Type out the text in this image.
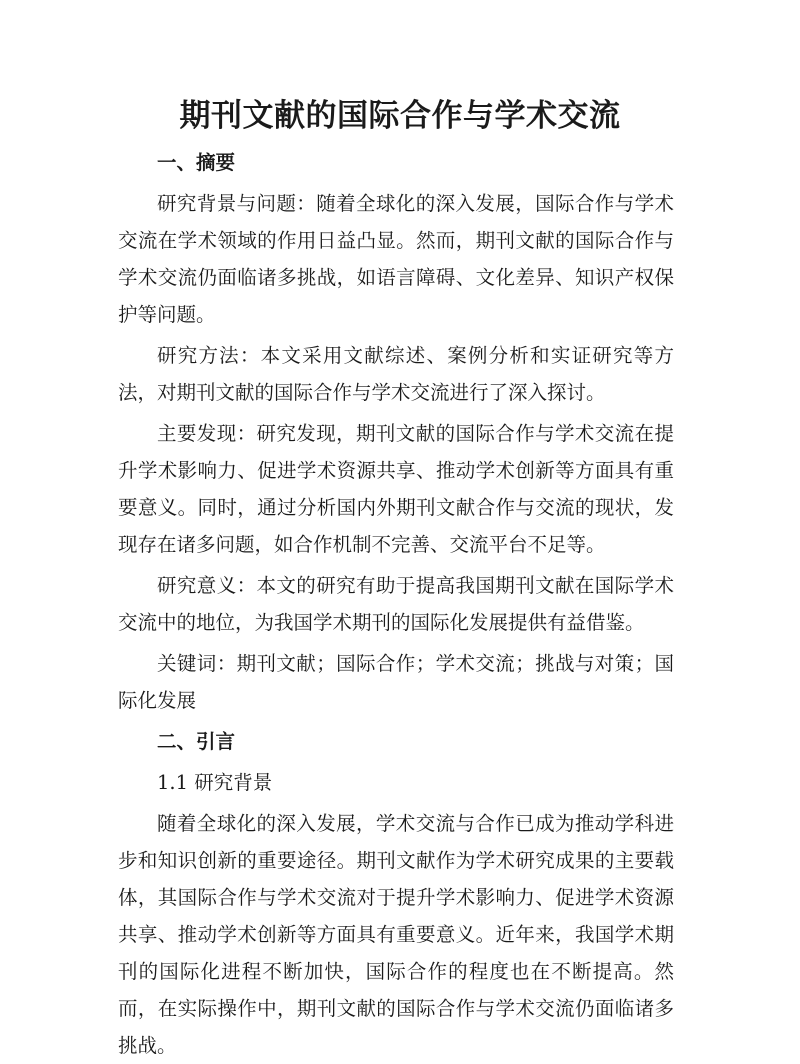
期刊文献的国际合作与学术交流
一、摘要

研究背景与问题：随着全球化的深入发展，国际合作与学术交流在学术领域的作用日益凸显。然而，期刊文献的国际合作与学术交流仍面临诸多挑战，如语言障碍、文化差异、知识产权保护等问题。

研究方法：本文采用文献综述、案例分析和实证研究等方法，对期刊文献的国际合作与学术交流进行了深入探讨。

主要发现：研究发现，期刊文献的国际合作与学术交流在提升学术影响力、促进学术资源共享、推动学术创新等方面具有重要意义。同时，通过分析国内外期刊文献合作与交流的现状，发现存在诸多问题，如合作机制不完善、交流平台不足等。

研究意义：本文的研究有助于提高我国期刊文献在国际学术交流中的地位，为我国学术期刊的国际化发展提供有益借鉴。

关键词：期刊文献；国际合作；学术交流；挑战与对策；国际化发展

二、引言
1.1 研究背景

随着全球化的深入发展，学术交流与合作已成为推动学科进步和知识创新的重要途径。期刊文献作为学术研究成果的主要载体，其国际合作与学术交流对于提升学术影响力、促进学术资源共享、推动学术创新等方面具有重要意义。近年来，我国学术期刊的国际化进程不断加快，国际合作的程度也在不断提高。然而，在实际操作中，期刊文献的国际合作与学术交流仍面临诸多挑战。
